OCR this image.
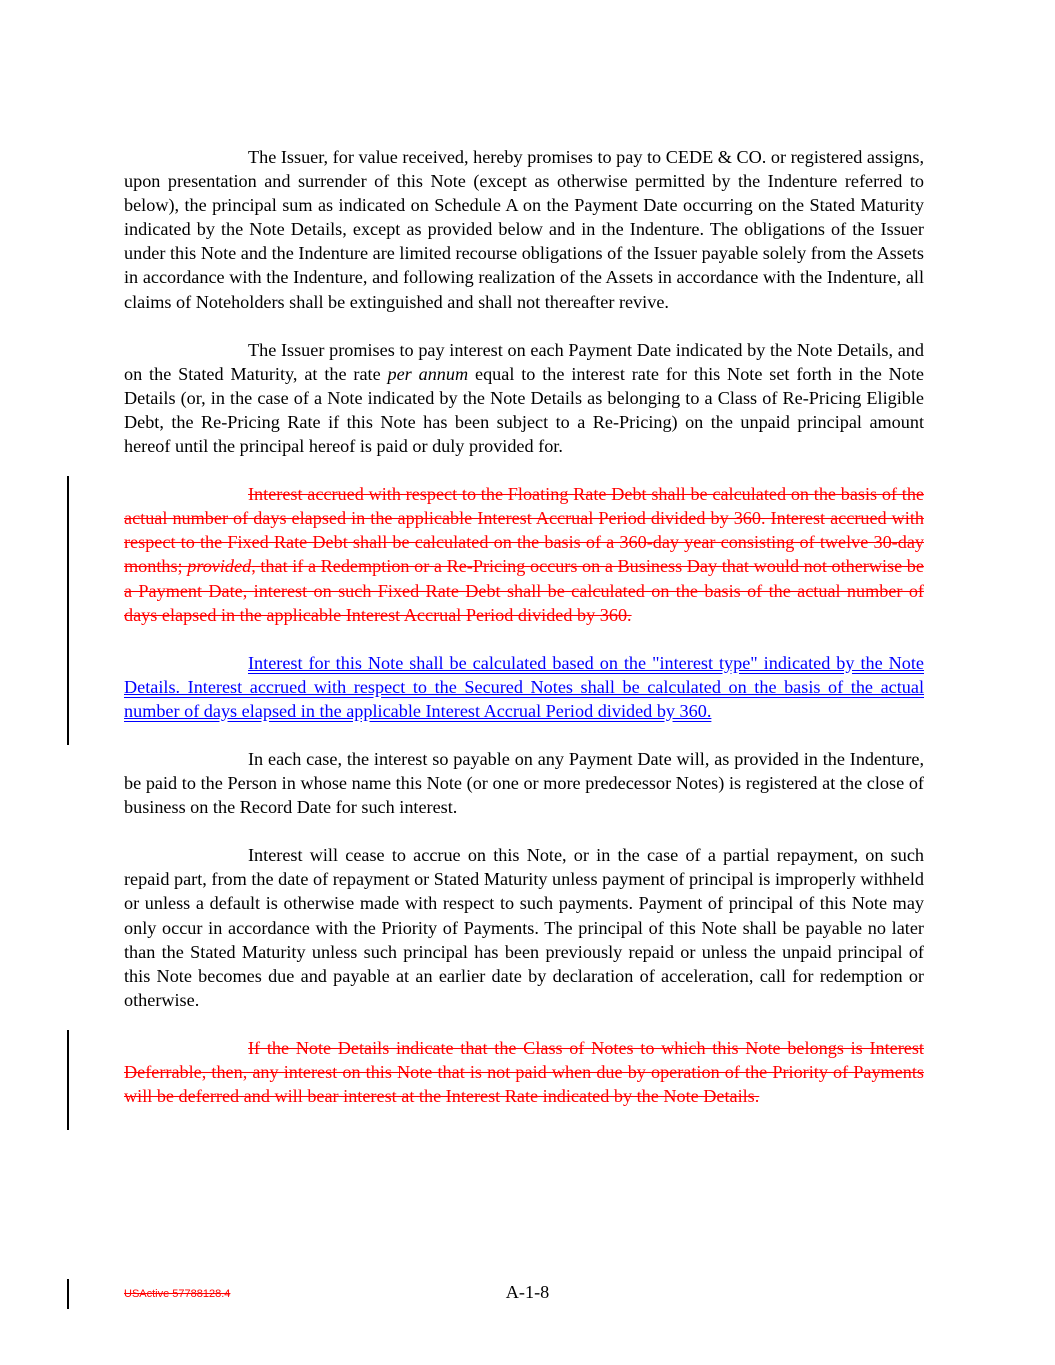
The Issuer, for value received, hereby promises to pay to CEDE & CO. or registered assigns, upon presentation and surrender of this Note (except as otherwise permitted by the Indenture referred to below), the principal sum as indicated on Schedule A on the Payment Date occurring on the Stated Maturity indicated by the Note Details, except as provided below and in the Indenture. The obligations of the Issuer under this Note and the Indenture are limited recourse obligations of the Issuer payable solely from the Assets in accordance with the Indenture, and following realization of the Assets in accordance with the Indenture, all claims of Noteholders shall be extinguished and shall not thereafter revive.

The Issuer promises to pay interest on each Payment Date indicated by the Note Details, and on the Stated Maturity, at the rate per annum equal to the interest rate for this Note set forth in the Note Details (or, in the case of a Note indicated by the Note Details as belonging to a Class of Re-Pricing Eligible Debt, the Re-Pricing Rate if this Note has been subject to a Re-Pricing) on the unpaid principal amount hereof until the principal hereof is paid or duly provided for.

Interest accrued with respect to the Floating Rate Debt shall be calculated on the basis of the actual number of days elapsed in the applicable Interest Accrual Period divided by 360. Interest accrued with respect to the Fixed Rate Debt shall be calculated on the basis of a 360-day year consisting of twelve 30-day months; provided, that if a Redemption or a Re-Pricing occurs on a Business Day that would not otherwise be a Payment Date, interest on such Fixed Rate Debt shall be calculated on the basis of the actual number of days elapsed in the applicable Interest Accrual Period divided by 360.

Interest for this Note shall be calculated based on the "interest type" indicated by the Note Details. Interest accrued with respect to the Secured Notes shall be calculated on the basis of the actual number of days elapsed in the applicable Interest Accrual Period divided by 360.

In each case, the interest so payable on any Payment Date will, as provided in the Indenture, be paid to the Person in whose name this Note (or one or more predecessor Notes) is registered at the close of business on the Record Date for such interest.

Interest will cease to accrue on this Note, or in the case of a partial repayment, on such repaid part, from the date of repayment or Stated Maturity unless payment of principal is improperly withheld or unless a default is otherwise made with respect to such payments. Payment of principal of this Note may only occur in accordance with the Priority of Payments. The principal of this Note shall be payable no later than the Stated Maturity unless such principal has been previously repaid or unless the unpaid principal of this Note becomes due and payable at an earlier date by declaration of acceleration, call for redemption or otherwise.

If the Note Details indicate that the Class of Notes to which this Note belongs is Interest Deferrable, then, any interest on this Note that is not paid when due by operation of the Priority of Payments will be deferred and will bear interest at the Interest Rate indicated by the Note Details.

USActive 57788128.4	A-1-8
